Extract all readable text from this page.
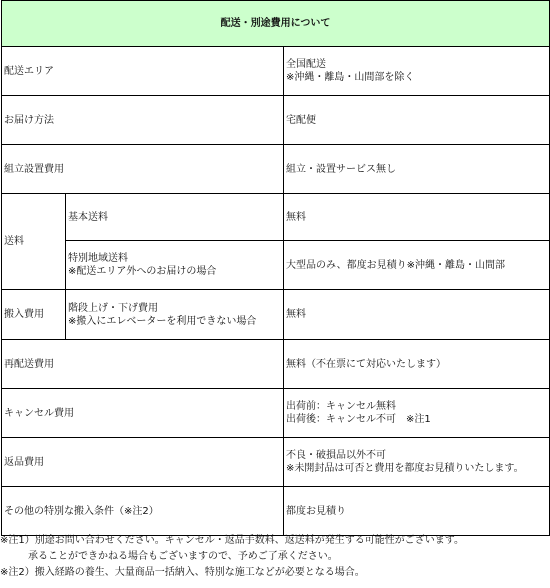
配送・別途費用について		
配送エリア		全国配送
※沖縄・離島・山間部を除く

お届け方法		宅配便
組立設置費用		組立・設置サービス無し
送料	基本送料	無料

	特別地域送料
※配送エリア外へのお届けの場合	大型品のみ、都度お見積り※沖縄・離島・山間部
搬入費用	階段上げ・下げ費用
※搬入にエレベーターを利用できない場合	無料
再配送費用		無料（不在票にて対応いたします）
キャンセル費用		出荷前：キャンセル無料
出荷後：キャンセル不可　※注1

返品費用		不良・破損品以外不可
※未開封品は可否と費用を都度お見積りいたします。

その他の特別な搬入条件（※注2）		都度お見積り
※注1）別途お問い合わせください。キャンセル・返品手数料、返送料が発生する可能性がございます。
承ることができかねる場合もございますので、予めご了承ください。
※注2）搬入経路の養生、大量商品一括納入、特別な施工などが必要となる場合。
